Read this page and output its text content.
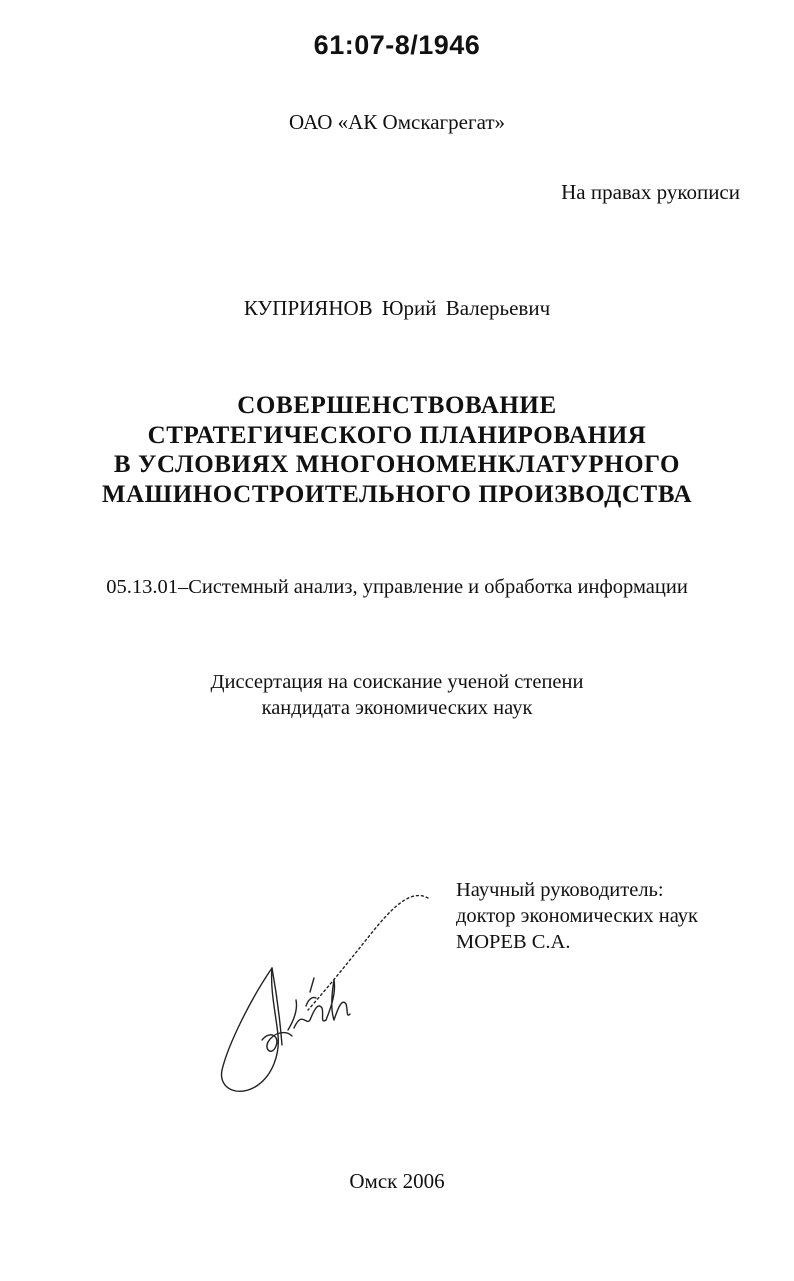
61:07-8/1946
ОАО «АК Омскагрегат»
На правах рукописи
КУПРИЯНОВ Юрий Валерьевич
СОВЕРШЕНСТВОВАНИЕ
СТРАТЕГИЧЕСКОГО ПЛАНИРОВАНИЯ
В УСЛОВИЯХ МНОГОНОМЕНКЛАТУРНОГО
МАШИНОСТРОИТЕЛЬНОГО ПРОИЗВОДСТВА
05.13.01–Системный анализ, управление и обработка информации
Диссертация на соискание ученой степени
кандидата экономических наук
Научный руководитель:
доктор экономических наук
МОРЕВ С.А.
Омск 2006
